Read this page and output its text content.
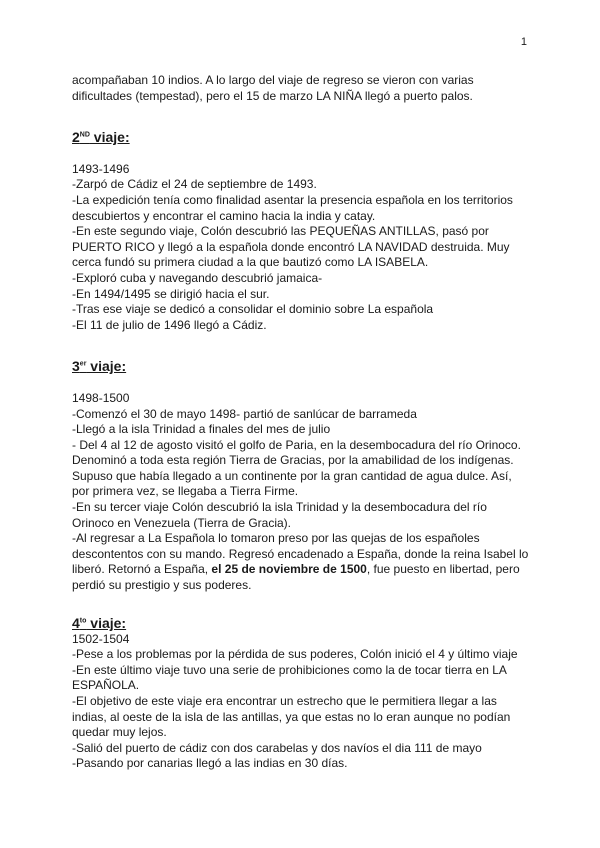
1

acompañaban 10 indios. A lo largo del viaje de regreso se vieron con varias dificultades (tempestad), pero el 15 de marzo LA NIÑA llegó a puerto palos.

2ND viaje:

1493-1496

-Zarpó de Cádiz el 24 de septiembre de 1493.

-La expedición tenía como finalidad asentar la presencia española en los territorios descubiertos y encontrar el camino hacia la india y catay.

-En este segundo viaje, Colón descubrió las PEQUEÑAS ANTILLAS, pasó por PUERTO RICO y llegó a la española donde encontró LA NAVIDAD destruida. Muy cerca fundó su primera ciudad a la que bautizó como LA ISABELA.

-Exploró cuba y navegando descubrió jamaica-

-En 1494/1495 se dirigió hacia el sur.

-Tras ese viaje se dedicó a consolidar el dominio sobre La española

-El 11 de julio de 1496 llegó a Cádiz.

3er viaje:

1498-1500

-Comenzó el 30 de mayo 1498- partió de sanlúcar de barrameda

-Llegó a la isla Trinidad a finales del mes de julio

- Del 4 al 12 de agosto visitó el golfo de Paria, en la desembocadura del río Orinoco. Denominó a toda esta región Tierra de Gracias, por la amabilidad de los indígenas. Supuso que había llegado a un continente por la gran cantidad de agua dulce. Así, por primera vez, se llegaba a Tierra Firme.

-En su tercer viaje Colón descubrió la isla Trinidad y la desembocadura del río Orinoco en Venezuela (Tierra de Gracia).

-Al regresar a La Española lo tomaron preso por las quejas de los españoles descontentos con su mando. Regresó encadenado a España, donde la reina Isabel lo liberó. Retornó a España, el 25 de noviembre de 1500, fue puesto en libertad, pero perdió su prestigio y sus poderes.

$4^{to}$ viaje:

1502-1504

-Pese a los problemas por la pérdida de sus poderes, Colón inició el 4 y último viaje

-En este último viaje tuvo una serie de prohibiciones como la de tocar tierra en LA ESPAÑOLA.

-El objetivo de este viaje era encontrar un estrecho que le permitiera llegar a las indias, al oeste de la isla de las antillas, ya que estas no lo eran aunque no podían quedar muy lejos.

-Salió del puerto de cádiz con dos carabelas y dos navíos el dia 111 de mayo

-Pasando por canarias llegó a las indias en 30 días.
